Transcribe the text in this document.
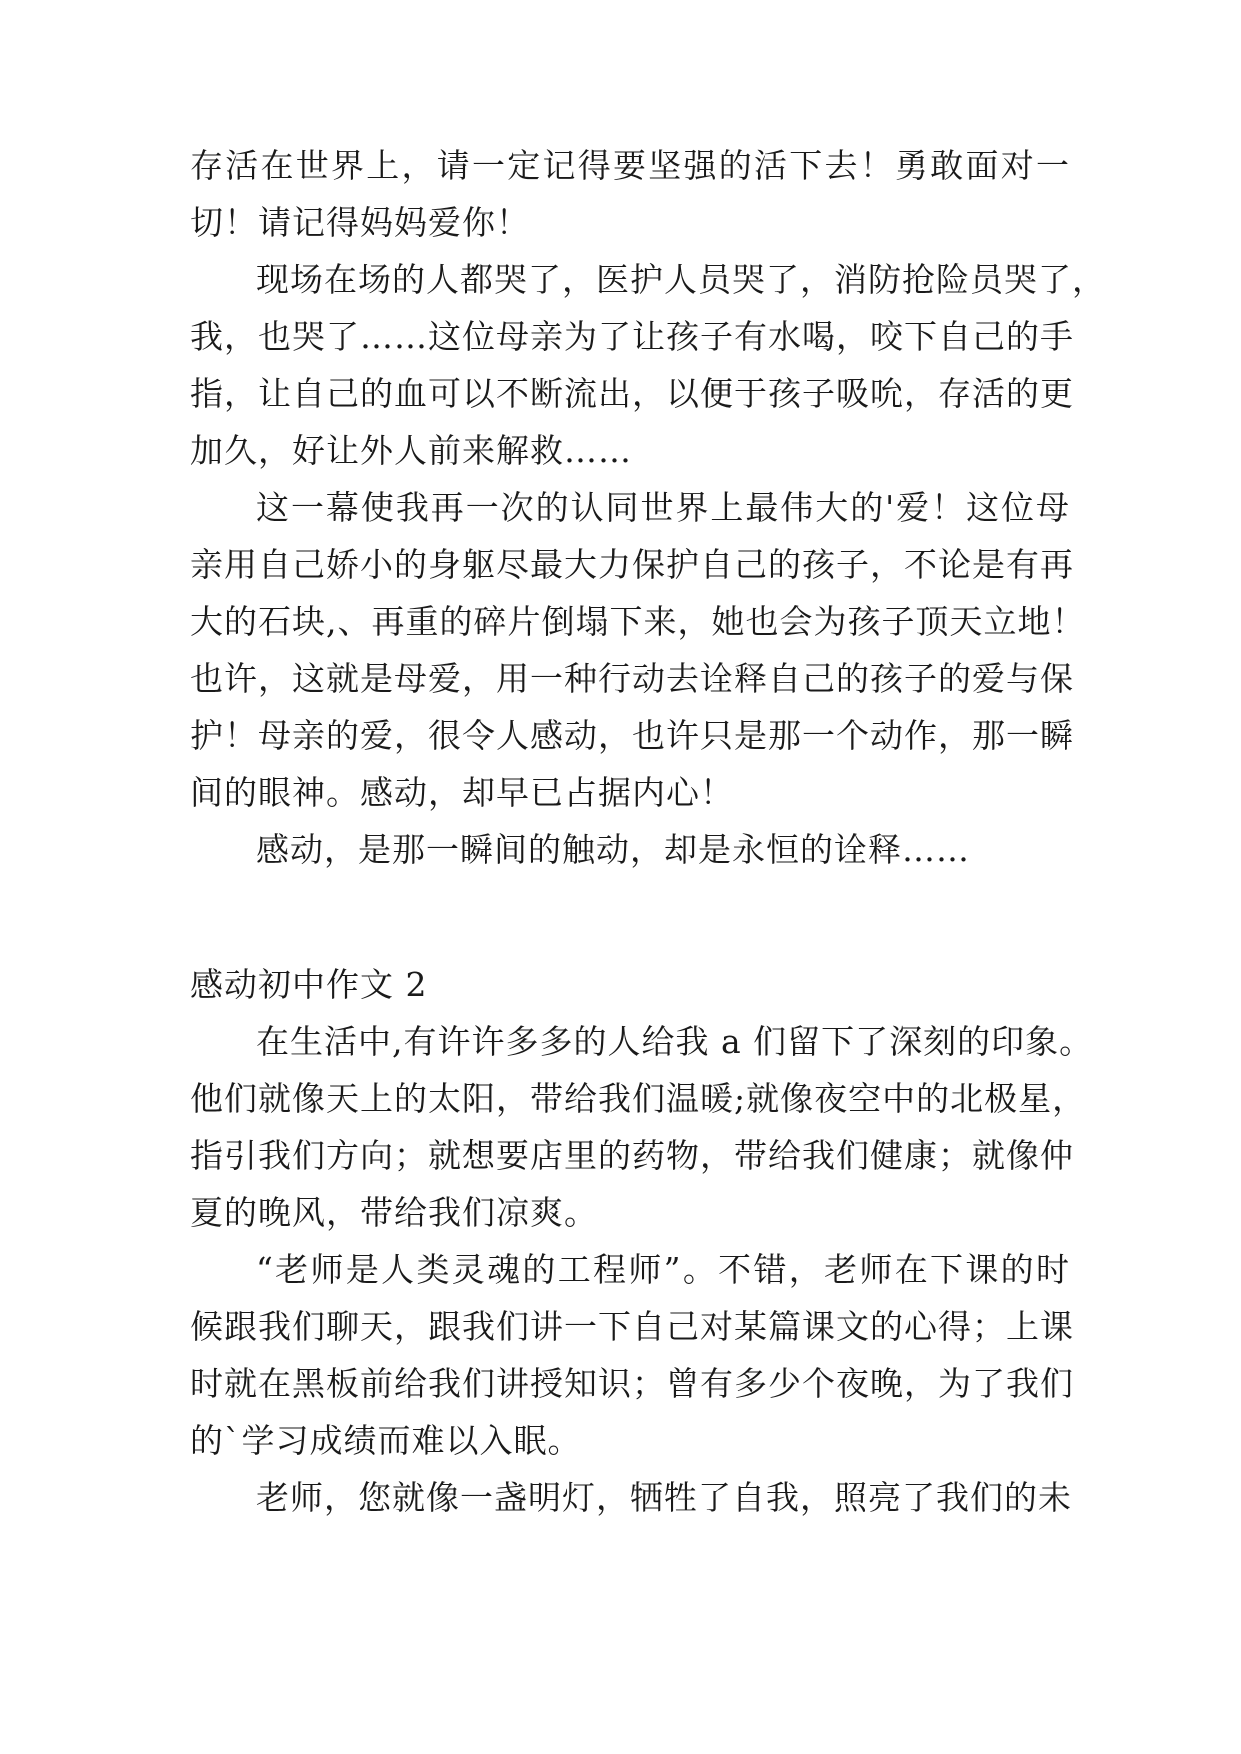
存活在世界上，请一定记得要坚强的活下去！勇敢面对一
切！请记得妈妈爱你！
现场在场的人都哭了，医护人员哭了，消防抢险员哭了，
我，也哭了……这位母亲为了让孩子有水喝，咬下自己的手
指，让自己的血可以不断流出，以便于孩子吸吮，存活的更
加久，好让外人前来解救……
这一幕使我再一次的认同世界上最伟大的'爱！这位母
亲用自己娇小的身躯尽最大力保护自己的孩子，不论是有再
大的石块,、再重的碎片倒塌下来，她也会为孩子顶天立地！
也许，这就是母爱，用一种行动去诠释自己的孩子的爱与保
护！母亲的爱，很令人感动，也许只是那一个动作，那一瞬
间的眼神。感动，却早已占据内心！
感动，是那一瞬间的触动，却是永恒的诠释……
感动初中作文 2
在生活中,有许许多多的人给我 a 们留下了深刻的印象。
他们就像天上的太阳，带给我们温暖;就像夜空中的北极星，
指引我们方向；就想要店里的药物，带给我们健康；就像仲
夏的晚风，带给我们凉爽。
“老师是人类灵魂的工程师”。不错，老师在下课的时
候跟我们聊天，跟我们讲一下自己对某篇课文的心得；上课
时就在黑板前给我们讲授知识；曾有多少个夜晚，为了我们
的`学习成绩而难以入眠。
老师，您就像一盏明灯，牺牲了自我，照亮了我们的未
